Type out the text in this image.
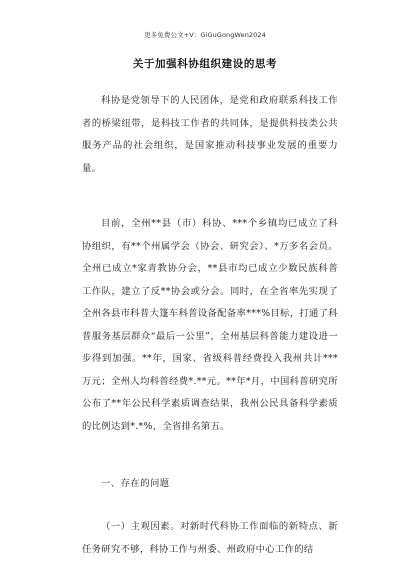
更多免费公文+V：GiGuGongWen2024
关于加强科协组织建设的思考

科协是党领导下的人民团体，是党和政府联系科技工作者的桥梁纽带，是科技工作者的共同体，是提供科技类公共服务产品的社会组织，是国家推动科技事业发展的重要力量。

目前，全州**县（市）科协、***个乡镇均已成立了科协组织，有**个州属学会（协会、研究会）、*万多名会员。全州已成立*家青教协分会，**县市均已成立少数民族科普工作队，建立了反**协会或分会。同时，在全省率先实现了全州各县市科普大篷车科普设备配备率***%目标，打通了科普服务基层群众“最后一公里”，全州基层科普能力建设进一步得到加强。**年，国家、省级科普经费投入我州共计***万元；全州人均科普经费*.**元。**年*月，中国科普研究所公布了**年公民科学素质调查结果，我州公民具备科学素质的比例达到*.*%，全省排名第五。

一、存在的问题

（一）主观因素。对新时代科协工作面临的新特点、新任务研究不够，科协工作与州委、州政府中心工作的结
